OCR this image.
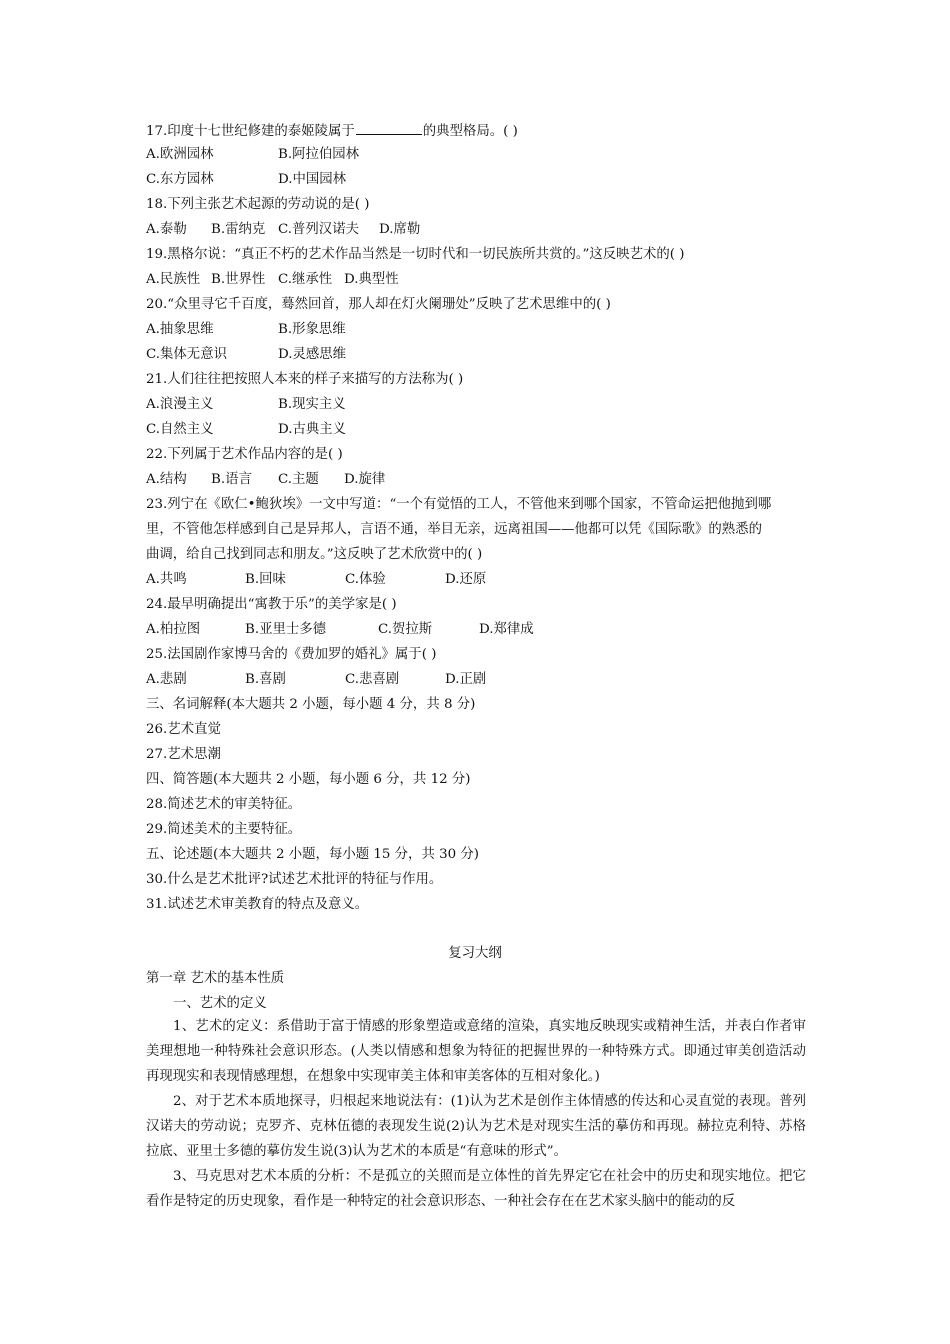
17.印度十七世纪修建的泰姬陵属于	的典型格局。( )
A.欧洲园林	B.阿拉伯园林
C.东方园林	D.中国园林
18.下列主张艺术起源的劳动说的是( )
A.泰勒 B.雷纳克 C.普列汉诺夫 D.席勒
19.黑格尔说：“真正不朽的艺术作品当然是一切时代和一切民族所共赏的。”这反映艺术的( )
A.民族性 B.世界性 C.继承性 D.典型性
20.“众里寻它千百度，蓦然回首，那人却在灯火阑珊处”反映了艺术思维中的( )
A.抽象思维	B.形象思维
C.集体无意识	D.灵感思维
21.人们往往把按照人本来的样子来描写的方法称为( )
A.浪漫主义	B.现实主义
C.自然主义	D.古典主义
22.下列属于艺术作品内容的是( )
A.结构 B.语言 C.主题 D.旋律
23.列宁在《欧仁•鲍狄埃》一文中写道：“一个有觉悟的工人，不管他来到哪个国家，不管命运把他抛到哪
里，不管他怎样感到自己是异邦人，言语不通，举目无亲，远离祖国——他都可以凭《国际歌》的熟悉的
曲调，给自己找到同志和朋友。”这反映了艺术欣赏中的( )
A.共鸣	B.回味	C.体验	D.还原
24.最早明确提出“寓教于乐”的美学家是( )
A.柏拉图	B.亚里士多德	C.贺拉斯	D.郑律成
25.法国剧作家博马舍的《费加罗的婚礼》属于( )
A.悲剧	B.喜剧	C.悲喜剧	D.正剧
三、名词解释(本大题共 2 小题，每小题 4 分，共 8 分)
26.艺术直觉
27.艺术思潮
四、简答题(本大题共 2 小题，每小题 6 分，共 12 分)
28.简述艺术的审美特征。
29.简述美术的主要特征。
五、论述题(本大题共 2 小题，每小题 15 分，共 30 分)
30.什么是艺术批评?试述艺术批评的特征与作用。
31.试述艺术审美教育的特点及意义。
复习大纲
第一章 艺术的基本性质
一、艺术的定义
1、艺术的定义：系借助于富于情感的形象塑造或意绪的渲染，真实地反映现实或精神生活，并表白作者审美理想地一种特殊社会意识形态。(人类以情感和想象为特征的把握世界的一种特殊方式。即通过审美创造活动再现现实和表现情感理想，在想象中实现审美主体和审美客体的互相对象化。)
2、对于艺术本质地探寻，归根起来地说法有：(1)认为艺术是创作主体情感的传达和心灵直觉的表现。普列汉诺夫的劳动说；克罗齐、克林伍德的表现发生说(2)认为艺术是对现实生活的摹仿和再现。赫拉克利特、苏格拉底、亚里士多德的摹仿发生说(3)认为艺术的本质是“有意味的形式”。
3、马克思对艺术本质的分析：不是孤立的关照而是立体性的首先界定它在社会中的历史和现实地位。把它看作是特定的历史现象，看作是一种特定的社会意识形态、一种社会存在在艺术家头脑中的能动的反
